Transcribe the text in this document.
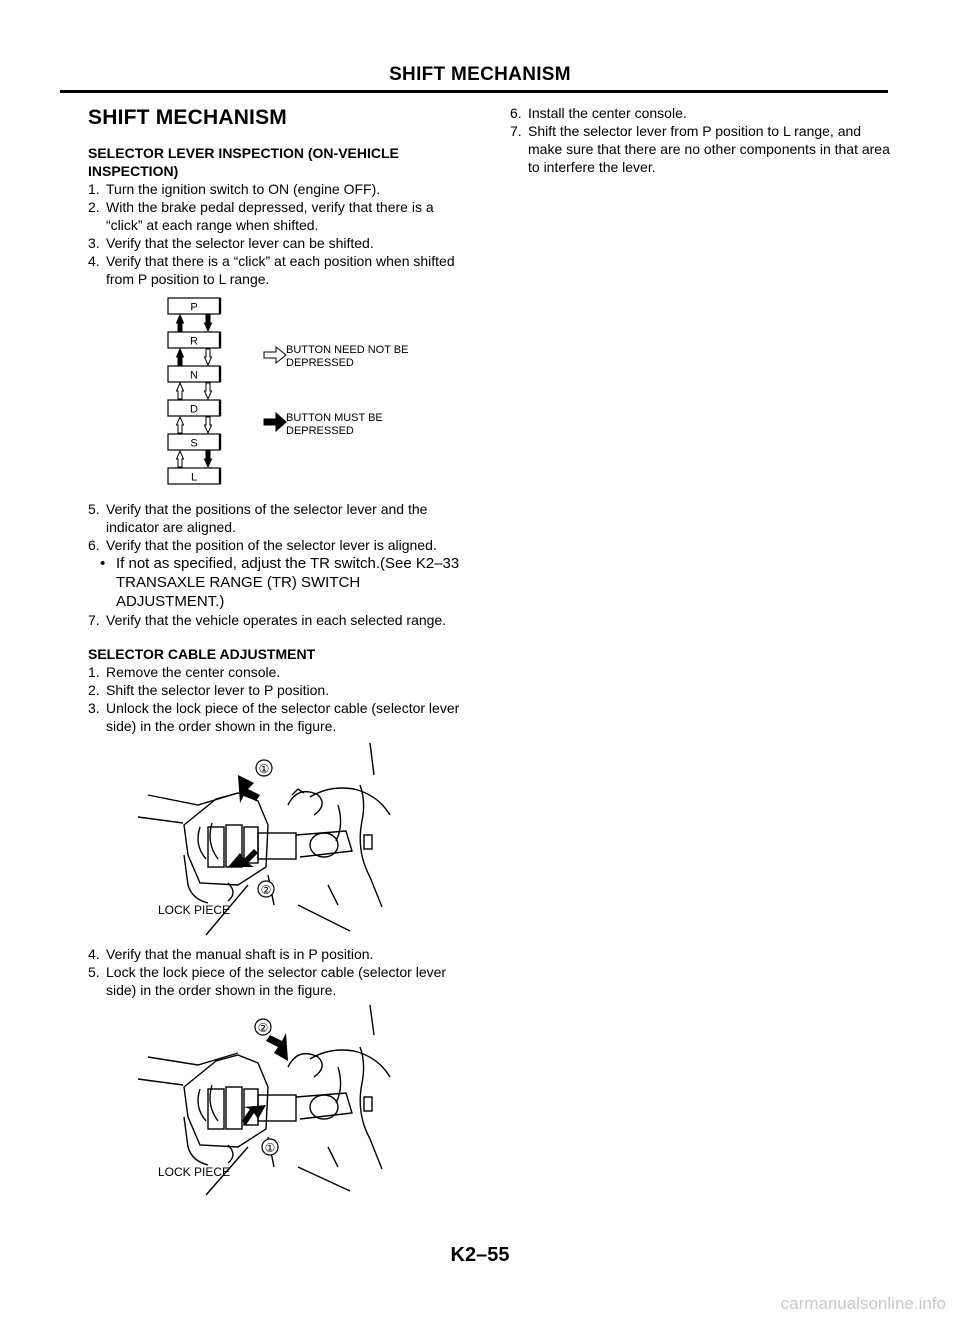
SHIFT MECHANISM
SHIFT MECHANISM
SELECTOR LEVER INSPECTION (ON-VEHICLE INSPECTION)
1. Turn the ignition switch to ON (engine OFF).
2. With the brake pedal depressed, verify that there is a “click” at each range when shifted.
3. Verify that the selector lever can be shifted.
4. Verify that there is a “click” at each position when shifted from P position to L range.
P
R
N
D
S
L
BUTTON NEED NOT BE DEPRESSED
BUTTON MUST BE DEPRESSED
5. Verify that the positions of the selector lever and the indicator are aligned.
6. Verify that the position of the selector lever is aligned.
• If not as specified, adjust the TR switch.(See K2–33 TRANSAXLE RANGE (TR) SWITCH ADJUSTMENT.)
7. Verify that the vehicle operates in each selected range.
SELECTOR CABLE ADJUSTMENT
1. Remove the center console.
2. Shift the selector lever to P position.
3. Unlock the lock piece of the selector cable (selector lever side) in the order shown in the figure.
①
②
LOCK PIECE
4. Verify that the manual shaft is in P position.
5. Lock the lock piece of the selector cable (selector lever side) in the order shown in the figure.
②
①
LOCK PIECE
6. Install the center console.
7. Shift the selector lever from P position to L range, and make sure that there are no other components in that area to interfere the lever.
K2–55
carmanualsonline.info
